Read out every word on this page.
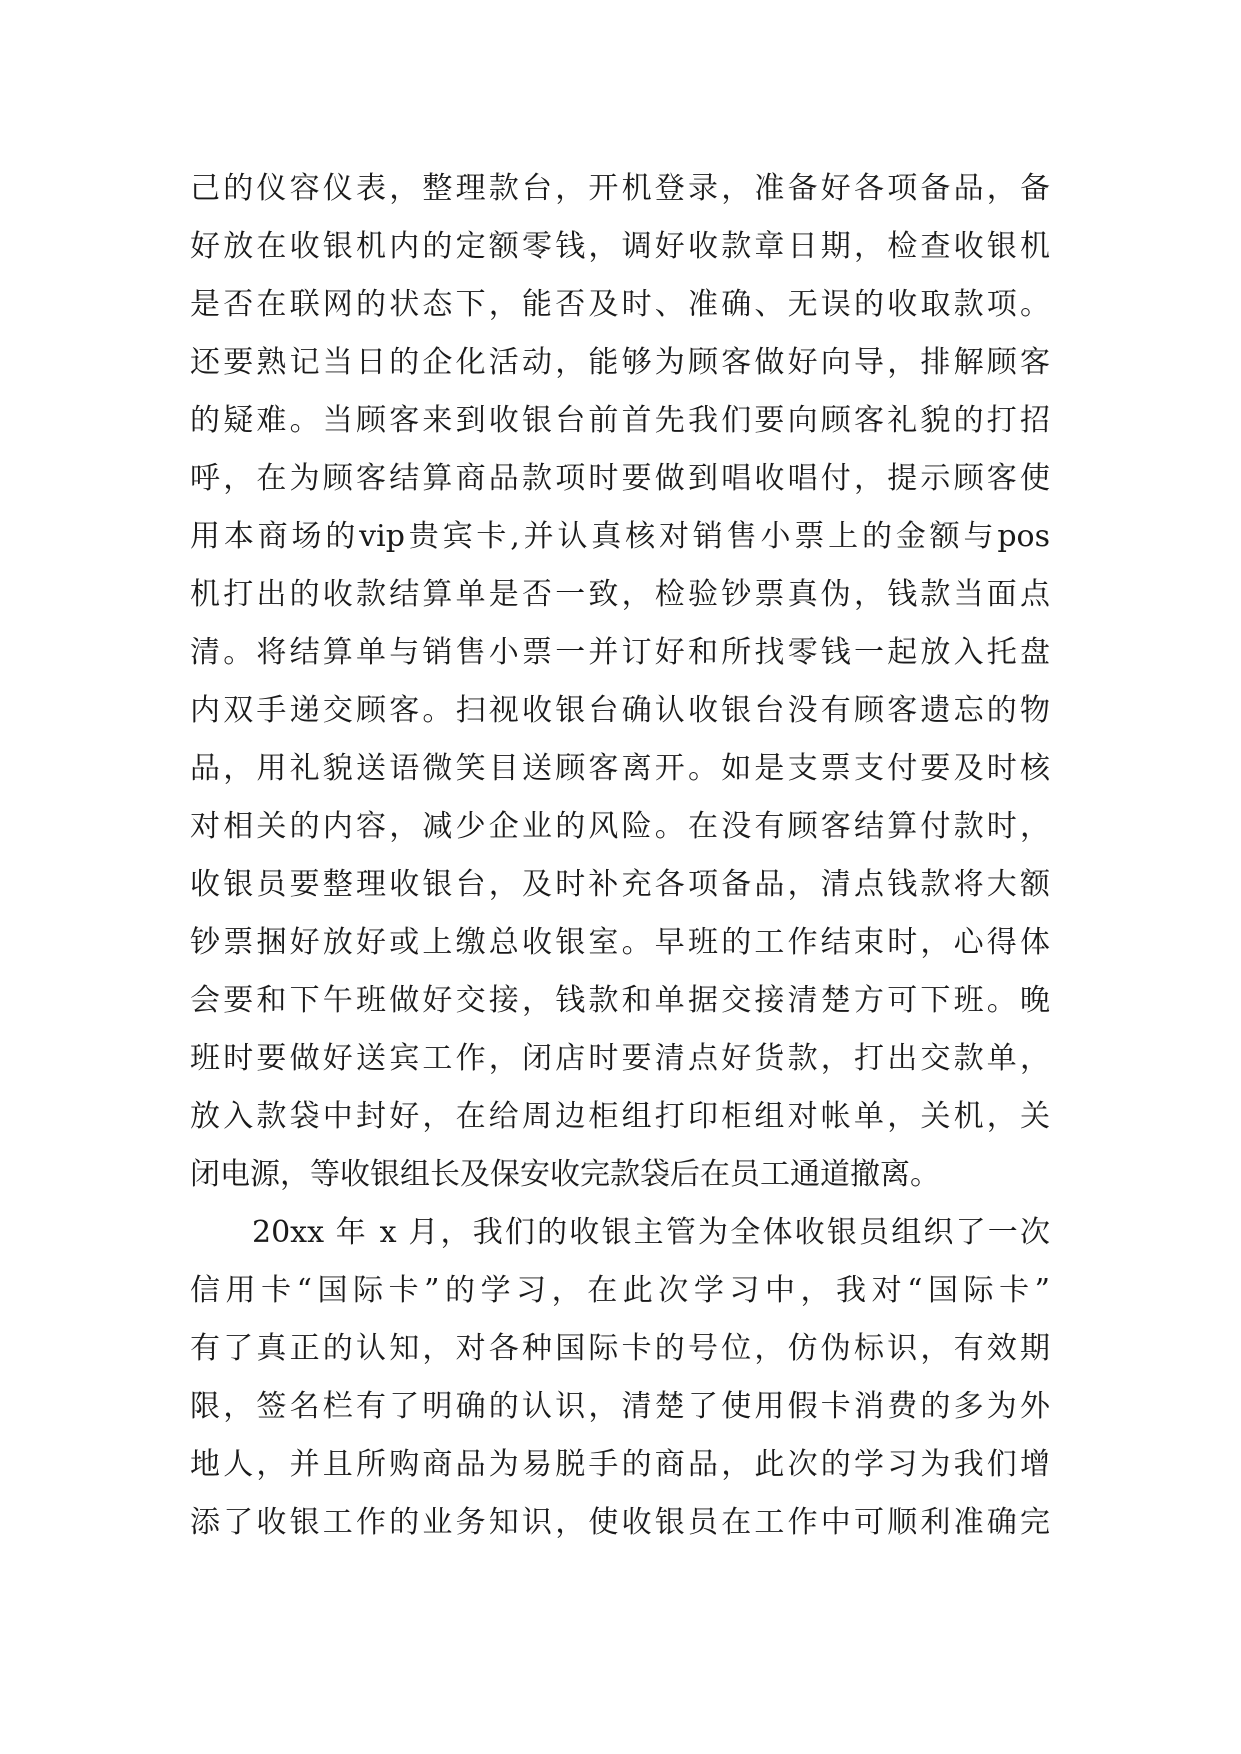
己的仪容仪表，整理款台，开机登录，准备好各项备品，备
好放在收银机内的定额零钱，调好收款章日期，检查收银机
是否在联网的状态下，能否及时、准确、无误的收取款项。
还要熟记当日的企化活动，能够为顾客做好向导，排解顾客
的疑难。当顾客来到收银台前首先我们要向顾客礼貌的打招
呼，在为顾客结算商品款项时要做到唱收唱付，提示顾客使
用本商场的vip贵宾卡,并认真核对销售小票上的金额与pos
机打出的收款结算单是否一致，检验钞票真伪，钱款当面点
清。将结算单与销售小票一并订好和所找零钱一起放入托盘
内双手递交顾客。扫视收银台确认收银台没有顾客遗忘的物
品，用礼貌送语微笑目送顾客离开。如是支票支付要及时核
对相关的内容，减少企业的风险。在没有顾客结算付款时，
收银员要整理收银台，及时补充各项备品，清点钱款将大额
钞票捆好放好或上缴总收银室。早班的工作结束时，心得体
会要和下午班做好交接，钱款和单据交接清楚方可下班。晚
班时要做好送宾工作，闭店时要清点好货款，打出交款单，
放入款袋中封好，在给周边柜组打印柜组对帐单，关机，关
闭电源，等收银组长及保安收完款袋后在员工通道撤离。
20xx 年 x 月，我们的收银主管为全体收银员组织了一次
信用卡“国际卡”的学习，在此次学习中，我对“国际卡”
有了真正的认知，对各种国际卡的号位，仿伪标识，有效期
限，签名栏有了明确的认识，清楚了使用假卡消费的多为外
地人，并且所购商品为易脱手的商品，此次的学习为我们增
添了收银工作的业务知识，使收银员在工作中可顺利准确完
